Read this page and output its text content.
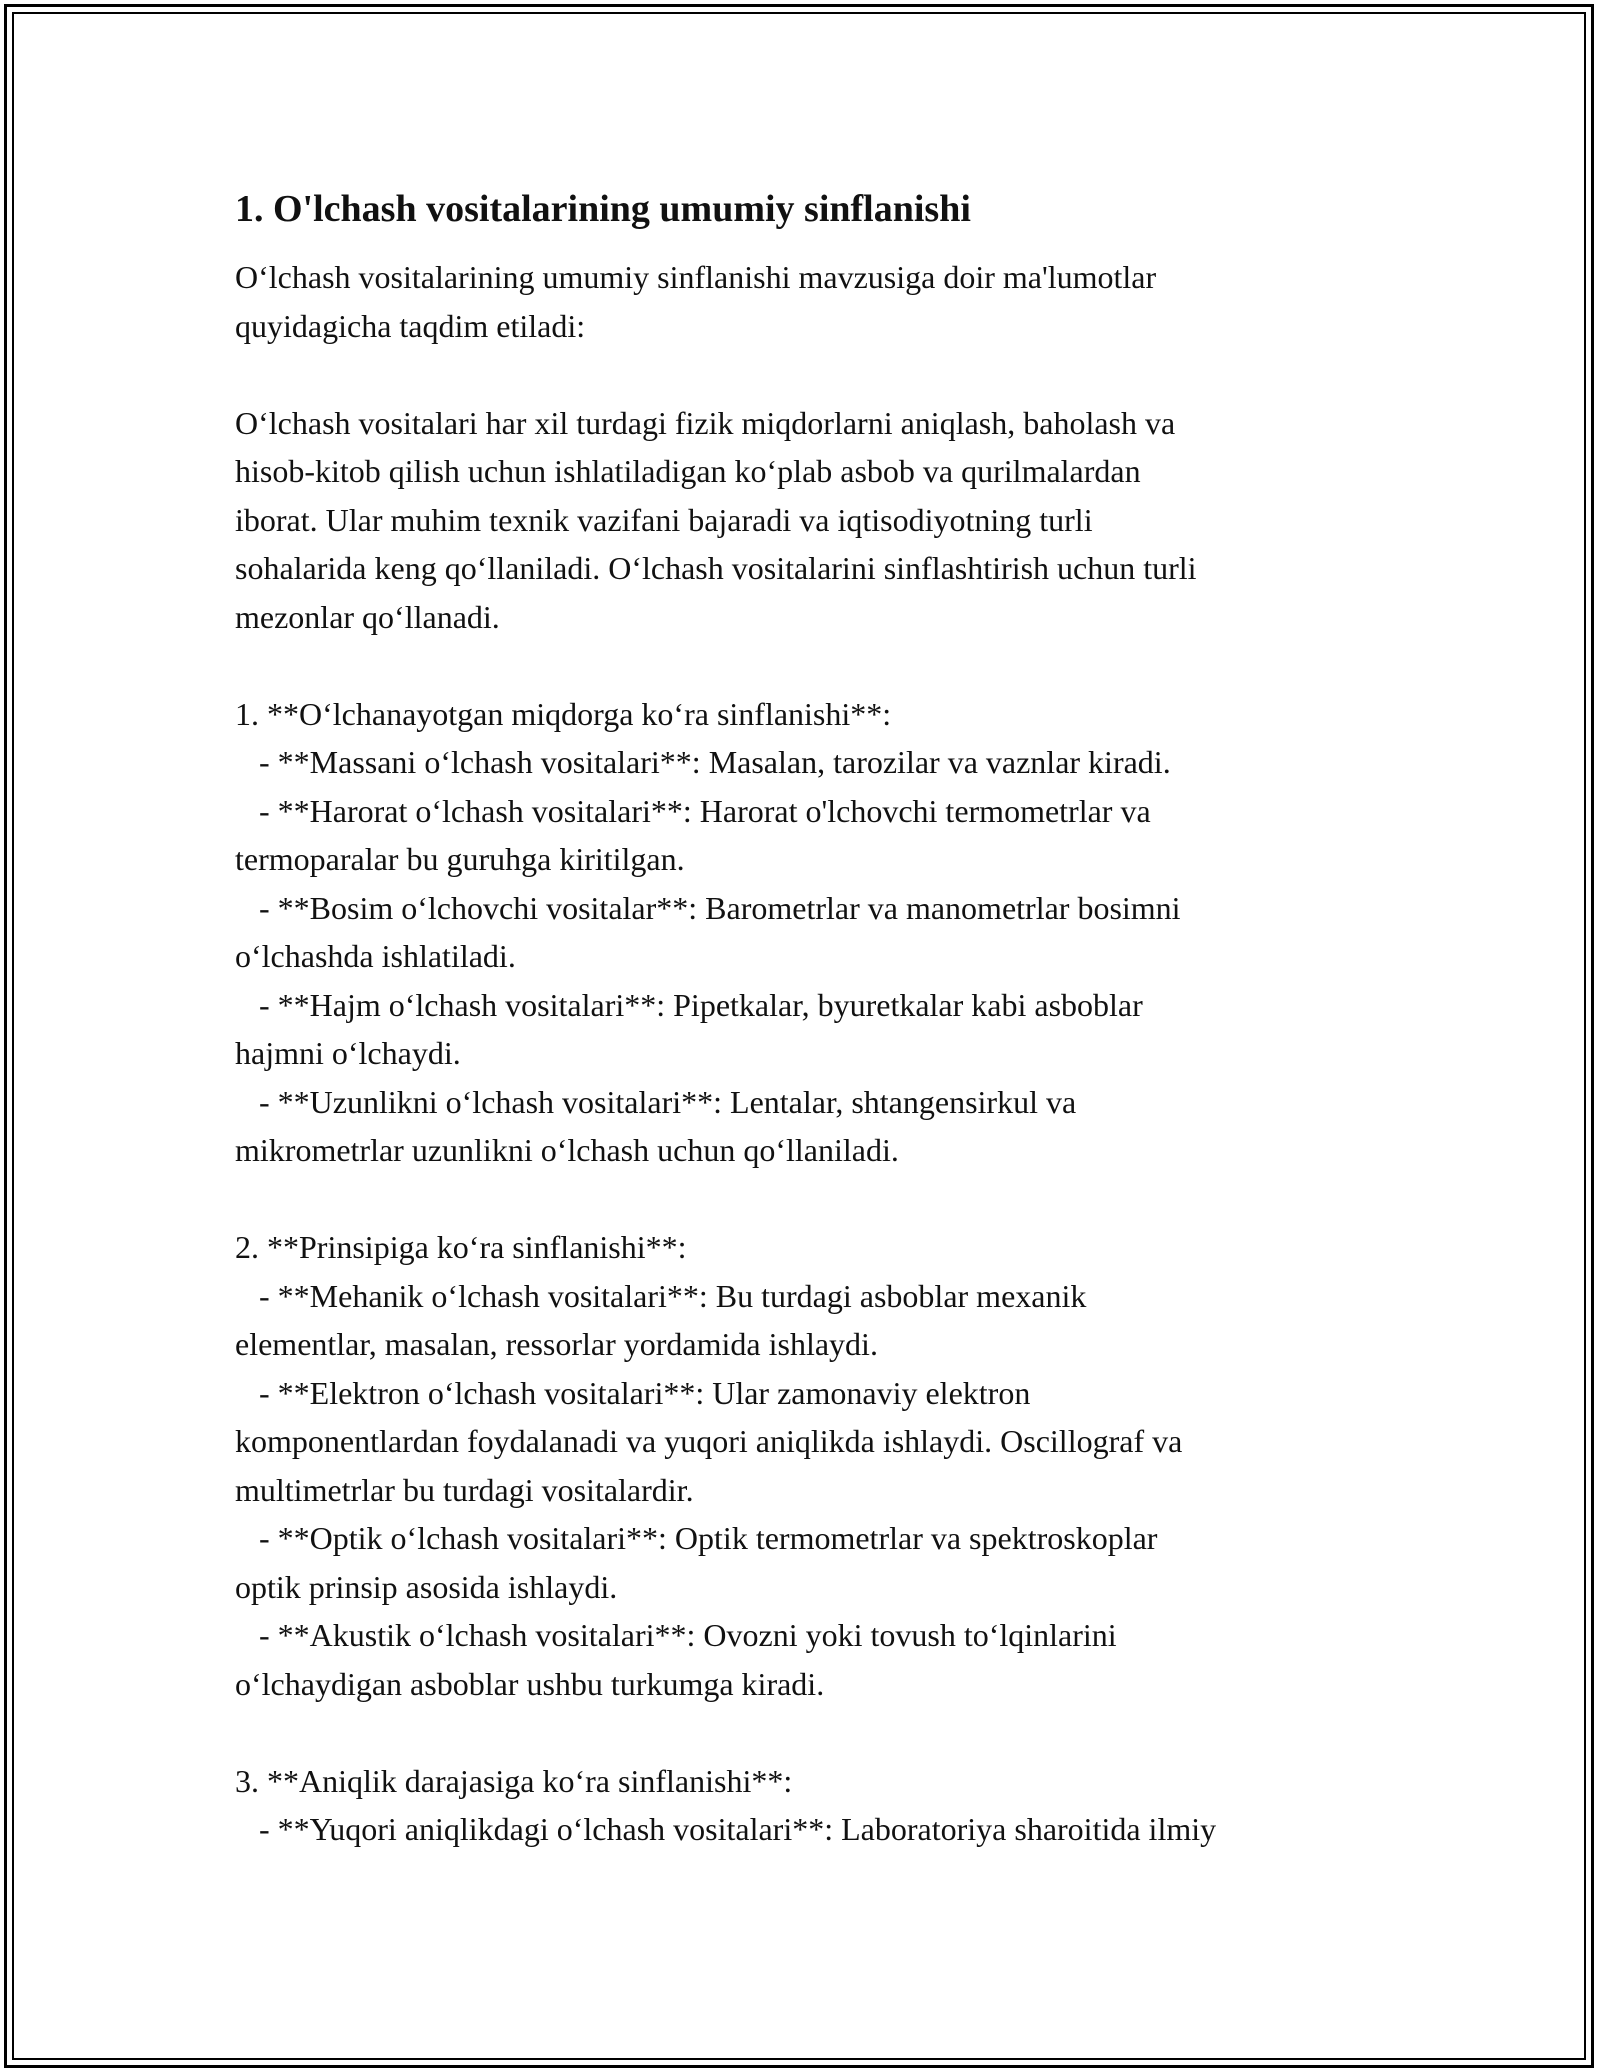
1. O'lchash vositalarining umumiy sinflanishi

O‘lchash vositalarining umumiy sinflanishi mavzusiga doir ma'lumotlar

quyidagicha taqdim etiladi:

O‘lchash vositalari har xil turdagi fizik miqdorlarni aniqlash, baholash va

hisob-kitob qilish uchun ishlatiladigan ko‘plab asbob va qurilmalardan

iborat. Ular muhim texnik vazifani bajaradi va iqtisodiyotning turli

sohalarida keng qo‘llaniladi. O‘lchash vositalarini sinflashtirish uchun turli

mezonlar qo‘llanadi.

1. **O‘lchanayotgan miqdorga ko‘ra sinflanishi**:

- **Massani o‘lchash vositalari**: Masalan, tarozilar va vaznlar kiradi.

- **Harorat o‘lchash vositalari**: Harorat o'lchovchi termometrlar va

termoparalar bu guruhga kiritilgan.

- **Bosim o‘lchovchi vositalar**: Barometrlar va manometrlar bosimni

o‘lchashda ishlatiladi.

- **Hajm o‘lchash vositalari**: Pipetkalar, byuretkalar kabi asboblar

hajmni o‘lchaydi.

- **Uzunlikni o‘lchash vositalari**: Lentalar, shtangensirkul va

mikrometrlar uzunlikni o‘lchash uchun qo‘llaniladi.

2. **Prinsipiga ko‘ra sinflanishi**:

- **Mehanik o‘lchash vositalari**: Bu turdagi asboblar mexanik

elementlar, masalan, ressorlar yordamida ishlaydi.

- **Elektron o‘lchash vositalari**: Ular zamonaviy elektron

komponentlardan foydalanadi va yuqori aniqlikda ishlaydi. Oscillograf va

multimetrlar bu turdagi vositalardir.

- **Optik o‘lchash vositalari**: Optik termometrlar va spektroskoplar

optik prinsip asosida ishlaydi.

- **Akustik o‘lchash vositalari**: Ovozni yoki tovush to‘lqinlarini

o‘lchaydigan asboblar ushbu turkumga kiradi.

3. **Aniqlik darajasiga ko‘ra sinflanishi**:

- **Yuqori aniqlikdagi o‘lchash vositalari**: Laboratoriya sharoitida ilmiy
